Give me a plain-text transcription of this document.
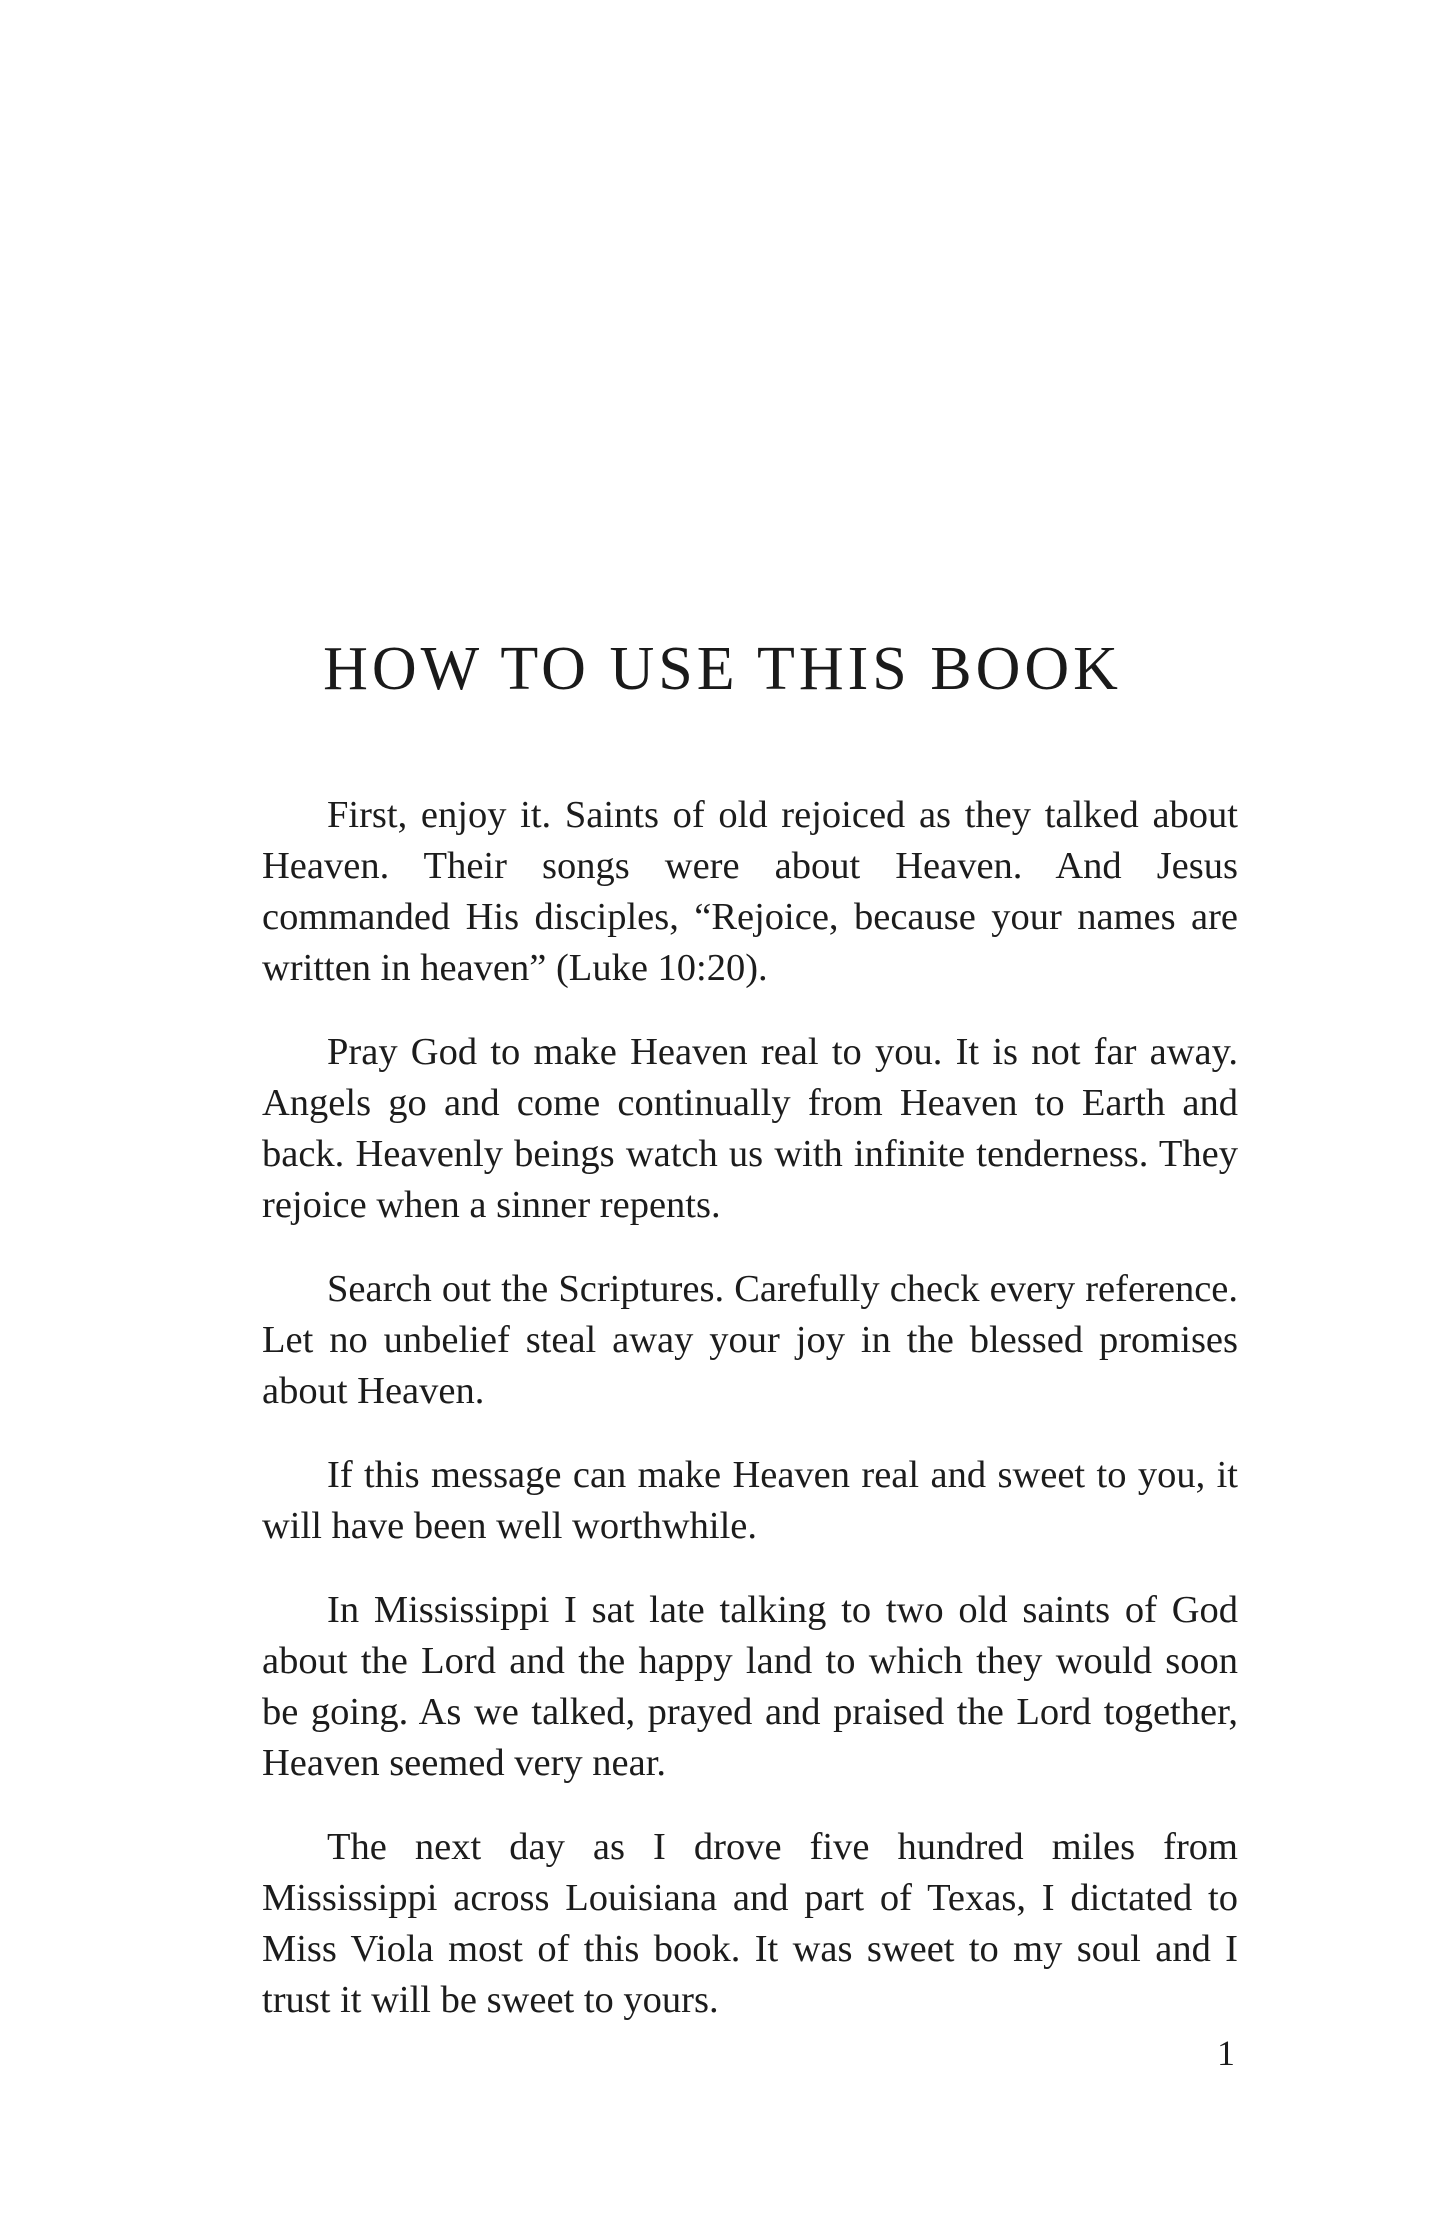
HOW TO USE THIS BOOK

First, enjoy it. Saints of old rejoiced as they talked about Heaven. Their songs were about Heaven. And Jesus commanded His disciples, “Rejoice, because your names are written in heaven” (Luke 10:20).

Pray God to make Heaven real to you. It is not far away. Angels go and come continually from Heaven to Earth and back. Heavenly beings watch us with infinite tenderness. They rejoice when a sinner repents.

Search out the Scriptures. Carefully check every reference. Let no unbelief steal away your joy in the blessed promises about Heaven.

If this message can make Heaven real and sweet to you, it will have been well worthwhile.

In Mississippi I sat late talking to two old saints of God about the Lord and the happy land to which they would soon be going. As we talked, prayed and praised the Lord together, Heaven seemed very near.

The next day as I drove five hundred miles from Mississippi across Louisiana and part of Texas, I dictated to Miss Viola most of this book. It was sweet to my soul and I trust it will be sweet to yours.

1
